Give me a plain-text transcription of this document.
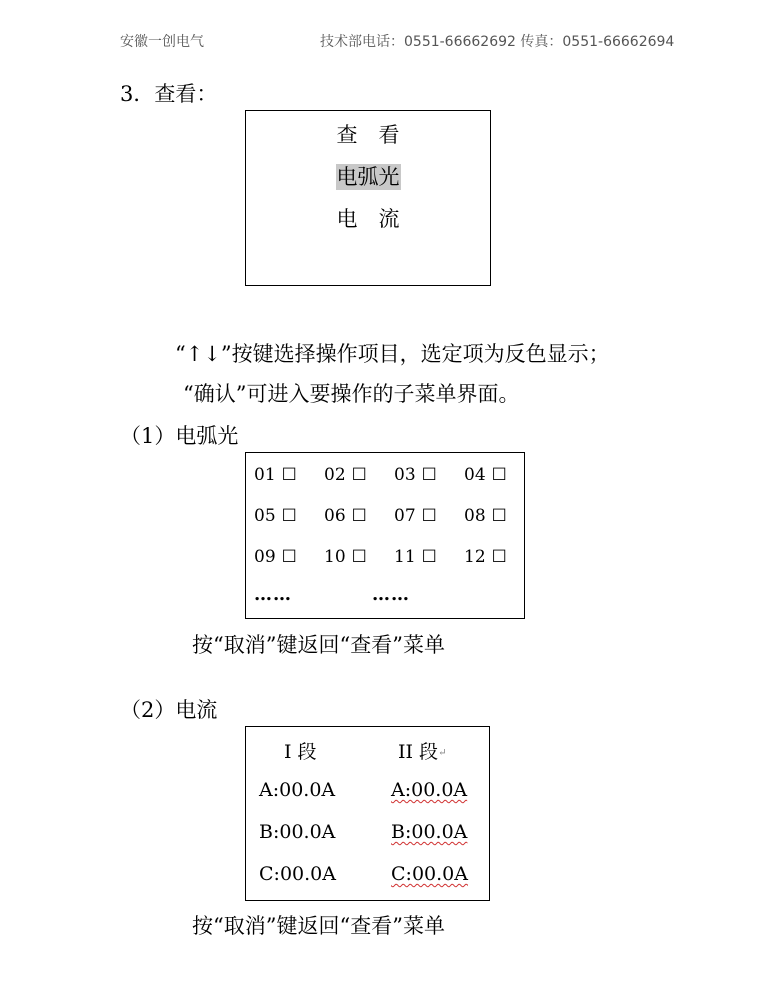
安徽一创电气	技术部电话：0551-66662692 传真：0551-66662694
3．查看：
查　看
电弧光
电　流
“↑↓”按键选择操作项目，选定项为反色显示；
“确认”可进入要操作的子菜单界面。
（1）电弧光
01 ☐ 02 ☐ 03 ☐ 04 ☐
05 ☐ 06 ☐ 07 ☐ 08 ☐
09 ☐ 10 ☐ 11 ☐ 12 ☐
……	……
按“取消”键返回“查看”菜单
（2）电流
I 段	II 段↵
A:00.0A	A:00.0A
B:00.0A	B:00.0A
C:00.0A	C:00.0A
按“取消”键返回“查看”菜单
